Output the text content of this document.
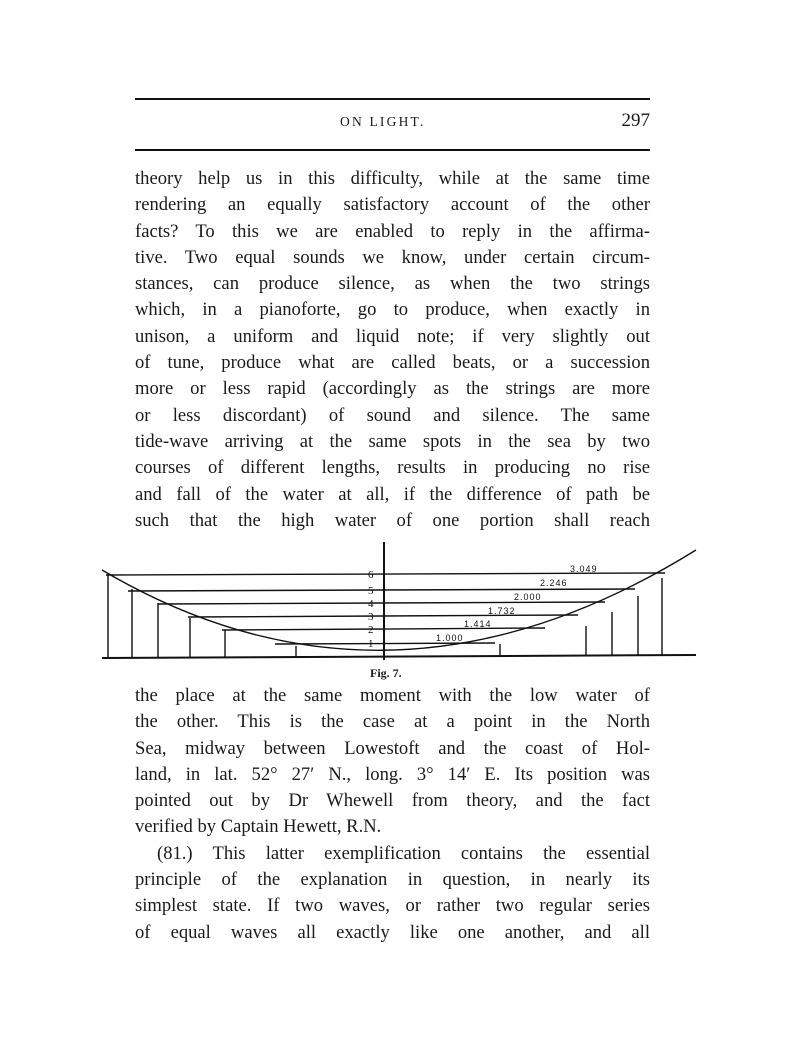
ON LIGHT.	297
theory help us in this difficulty, while at the same time
rendering an equally satisfactory account of the other
facts? To this we are enabled to reply in the affirma-
tive. Two equal sounds we know, under certain circum-
stances, can produce silence, as when the two strings
which, in a pianoforte, go to produce, when exactly in
unison, a uniform and liquid note; if very slightly out
of tune, produce what are called beats, or a succession
more or less rapid (accordingly as the strings are more
or less discordant) of sound and silence. The same
tide-wave arriving at the same spots in the sea by two
courses of different lengths, results in producing no rise
and fall of the water at all, if the difference of path be
such that the high water of one portion shall reach
6
5
4
3
2
1
3.049
2.246
2.000
1.732
1.414
1.000
Fig. 7.
the place at the same moment with the low water of
the other. This is the case at a point in the North
Sea, midway between Lowestoft and the coast of Hol-
land, in lat. 52° 27′ N., long. 3° 14′ E. Its position was
pointed out by Dr Whewell from theory, and the fact
verified by Captain Hewett, R.N.
(81.) This latter exemplification contains the essential
principle of the explanation in question, in nearly its
simplest state. If two waves, or rather two regular series
of equal waves all exactly like one another, and all
